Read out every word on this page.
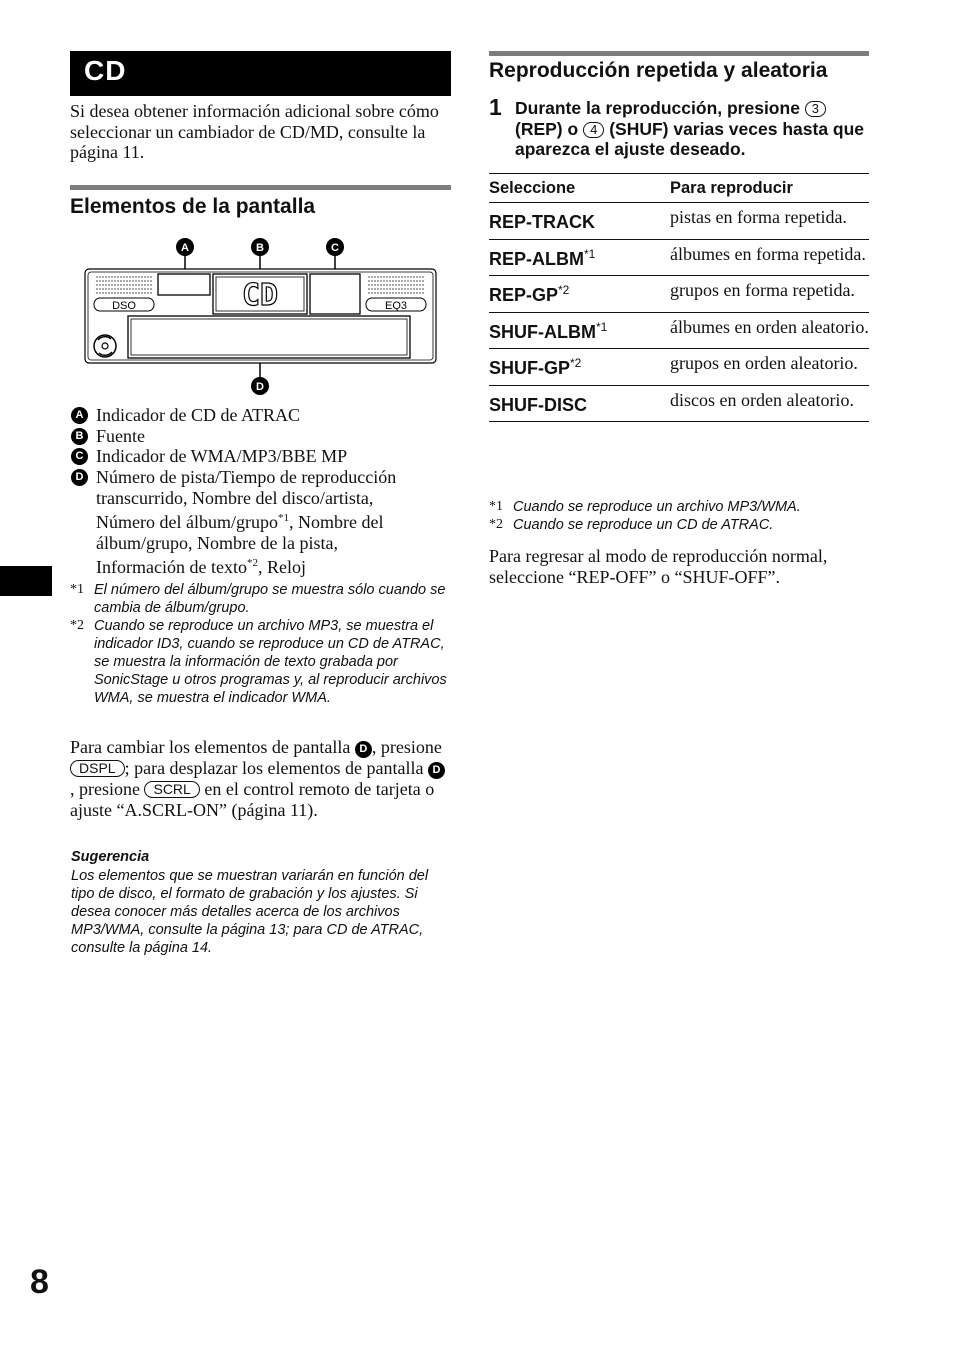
CD
Si desea obtener información adicional sobre cómo seleccionar un cambiador de CD/MD, consulte la página 11.
Elementos de la pantalla
DSO	EQ3
CD
A	B	C
D
A Indicador de CD de ATRAC
B Fuente
C Indicador de WMA/MP3/BBE MP
D Número de pista/Tiempo de reproducción transcurrido, Nombre del disco/artista, Número del álbum/grupo$^{*1}$, Nombre del álbum/grupo, Nombre de la pista, Información de texto$^{*2}$, Reloj
*1 El número del álbum/grupo se muestra sólo cuando se cambia de álbum/grupo.
*2 Cuando se reproduce un archivo MP3, se muestra el indicador ID3, cuando se reproduce un CD de ATRAC, se muestra la información de texto grabada por SonicStage u otros programas y, al reproducir archivos WMA, se muestra el indicador WMA.
Para cambiar los elementos de pantalla D , presione DSPL ; para desplazar los elementos de pantalla D, presione SCRL en el control remoto de tarjeta o ajuste “A.SCRL-ON” (página 11).
Sugerencia
Los elementos que se muestran variarán en función del tipo de disco, el formato de grabación y los ajustes. Si desea conocer más detalles acerca de los archivos MP3/WMA, consulte la página 13; para CD de ATRAC, consulte la página 14.
8
Reproducción repetida y aleatoria
1 Durante la reproducción, presione 3 (REP) o 4 (SHUF) varias veces hasta que aparezca el ajuste deseado.
Seleccione	Para reproducir
REP-TRACK	pistas en forma repetida.
REP-ALBM$^{*1}$	álbumes en forma repetida.
REP-GP$^{*2}$	grupos en forma repetida.
SHUF-ALBM$^{*1}$	álbumes en orden aleatorio.
SHUF-GP$^{*2}$	grupos en orden aleatorio.
SHUF-DISC	discos en orden aleatorio.
*1 Cuando se reproduce un archivo MP3/WMA.
*2 Cuando se reproduce un CD de ATRAC.
Para regresar al modo de reproducción normal, seleccione “REP-OFF” o “SHUF-OFF”.
